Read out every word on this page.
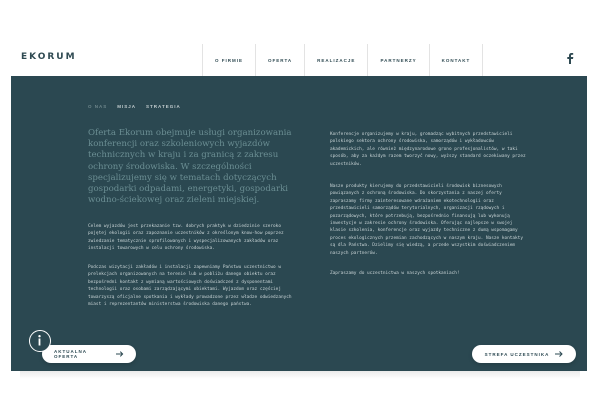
EKORUM	O FIRMIE	OFERTA	REALIZACJE	PARTNERZY	KONTAKT
O NAS MISJA STRATEGIA
Oferta Ekorum obejmuje usługi organizowania konferencji oraz szkoleniowych wyjazdów technicznych w kraju i za granicą z zakresu ochrony środowiska. W szczególności specjalizujemy się w tematach dotyczących gospodarki odpadami, energetyki, gospodarki wodno-ściekowej oraz zieleni miejskiej.
Celem wyjazdów jest przekazanie tzw. dobrych praktyk w dziedzinie szeroko pojętej ekologii oraz zapoznanie uczestników z określonym know-how poprzez zwiedzanie tematycznie sprofilowanych i wyspecjalizowanych zakładów oraz instalacji towarowych w celu ochrony środowiska.
Podczas wizytacji zakładów i instalacji zapewniamy Państwu uczestnictwo w prelekcjach organizowanych na terenie lub w pobliżu danego obiektu oraz bezpośredni kontakt z wymianą wartościowych doświadczeń z dysponentami technologii oraz osobami zarządzającymi obiektami. Wyjazdom oraz częściej towarzyszą oficjalne spotkania i wykłady prowadzone przez władze odwiedzanych miast i reprezentantów ministerstwa środowiska danego państwa.
Konferencje organizujemy w kraju, gromadząc wybitnych przedstawicieli polskiego sektora ochrony środowiska, samorządów i wykładowców akademickich, ale również międzynarodowe grono profesjonalistów, w taki sposób, aby za każdym razem tworzyć nowy, wyższy standard oczekiwany przez uczestników.
Nasze produkty kierujemy do przedstawicieli środowisk biznesowych powiązanych z ochroną środowiska. Do skorzystania z naszej oferty zapraszamy firmy zainteresowane wdrażaniem ekotechnologii oraz przedstawicieli samorządów terytorialnych, organizacji rządowych i pozarządowych, które potrzebują, bezpośrednio finansują lub wykonują inwestycje w zakresie ochrony środowiska. Oferując najlepsze w swojej klasie szkolenia, konferencje oraz wyjazdy techniczne z dumą wspomagamy proces ekologicznych przemian zachodzących w naszym kraju. Nasze kontakty są dla Państwa. Dzielimy się wiedzą, a przede wszystkim doświadczeniem naszych partnerów.
Zapraszamy do uczestnictwa w naszych spotkaniach!
AKTUALNA OFERTA	STREFA UCZESTNIKA
